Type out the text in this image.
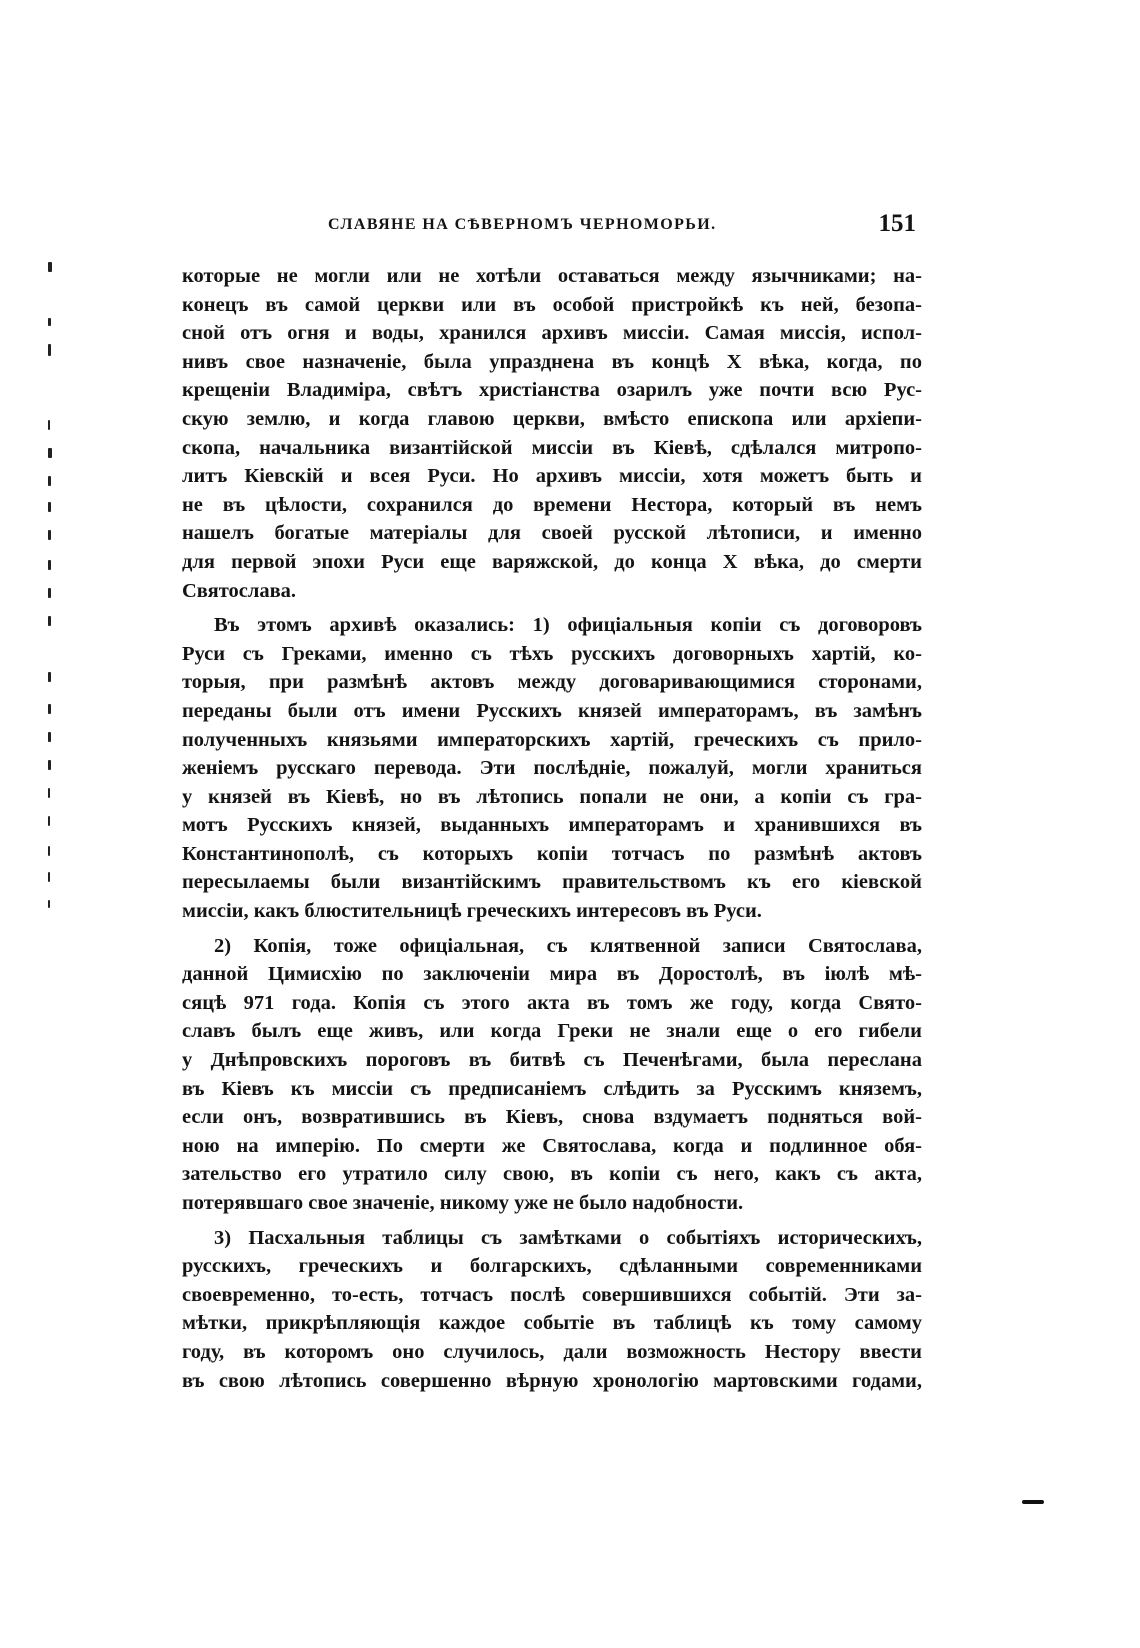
СЛАВЯНЕ НА СѢВЕРНОМЪ ЧЕРНОМОРЬИ.	151
которые не могли или не хотѣли оставаться между язычниками; на-
конецъ въ самой церкви или въ особой пристройкѣ къ ней, безопа-
сной отъ огня и воды, хранился архивъ миссіи. Самая миссія, испол-
нивъ свое назначеніе, была упразднена въ концѣ X вѣка, когда, по
крещеніи Владиміра, свѣтъ христіанства озарилъ уже почти всю Рус-
скую землю, и когда главою церкви, вмѣсто епископа или архіепи-
скопа, начальника византійской миссіи въ Кіевѣ, сдѣлался митропо-
литъ Кіевскій и всея Руси. Но архивъ миссіи, хотя можетъ быть и
не въ цѣлости, сохранился до времени Нестора, который въ немъ
нашелъ богатые матеріалы для своей русской лѣтописи, и именно
для первой эпохи Руси еще варяжской, до конца X вѣка, до смерти
Святослава.
Въ этомъ архивѣ оказались: 1) офиціальныя копіи съ договоровъ
Руси съ Греками, именно съ тѣхъ русскихъ договорныхъ хартій, ко-
торыя, при размѣнѣ актовъ между договаривающимися сторонами,
переданы были отъ имени Русскихъ князей императорамъ, въ замѣнъ
полученныхъ князьями императорскихъ хартій, греческихъ съ прило-
женіемъ русскаго перевода. Эти послѣдніе, пожалуй, могли храниться
у князей въ Кіевѣ, но въ лѣтопись попали не они, а копіи съ гра-
мотъ Русскихъ князей, выданныхъ императорамъ и хранившихся въ
Константинополѣ, съ которыхъ копіи тотчасъ по размѣнѣ актовъ
пересылаемы были византійскимъ правительствомъ къ его кіевской
миссіи, какъ блюстительницѣ греческихъ интересовъ въ Руси.
2) Копія, тоже офиціальная, съ клятвенной записи Святослава,
данной Цимисхію по заключеніи мира въ Доростолѣ, въ іюлѣ мѣ-
сяцѣ 971 года. Копія съ этого акта въ томъ же году, когда Свято-
славъ былъ еще живъ, или когда Греки не знали еще о его гибели
у Днѣпровскихъ пороговъ въ битвѣ съ Печенѣгами, была переслана
въ Кіевъ къ миссіи съ предписаніемъ слѣдить за Русскимъ княземъ,
если онъ, возвратившись въ Кіевъ, снова вздумаетъ подняться вой-
ною на имперію. По смерти же Святослава, когда и подлинное обя-
зательство его утратило силу свою, въ копіи съ него, какъ съ акта,
потерявшаго свое значеніе, никому уже не было надобности.
3) Пасхальныя таблицы съ замѣтками о событіяхъ историческихъ,
русскихъ, греческихъ и болгарскихъ, сдѣланными современниками
своевременно, то-есть, тотчасъ послѣ совершившихся событій. Эти за-
мѣтки, прикрѣпляющія каждое событіе въ таблицѣ къ тому самому
году, въ которомъ оно случилось, дали возможность Нестору ввести
въ свою лѣтопись совершенно вѣрную хронологію мартовскими годами,
